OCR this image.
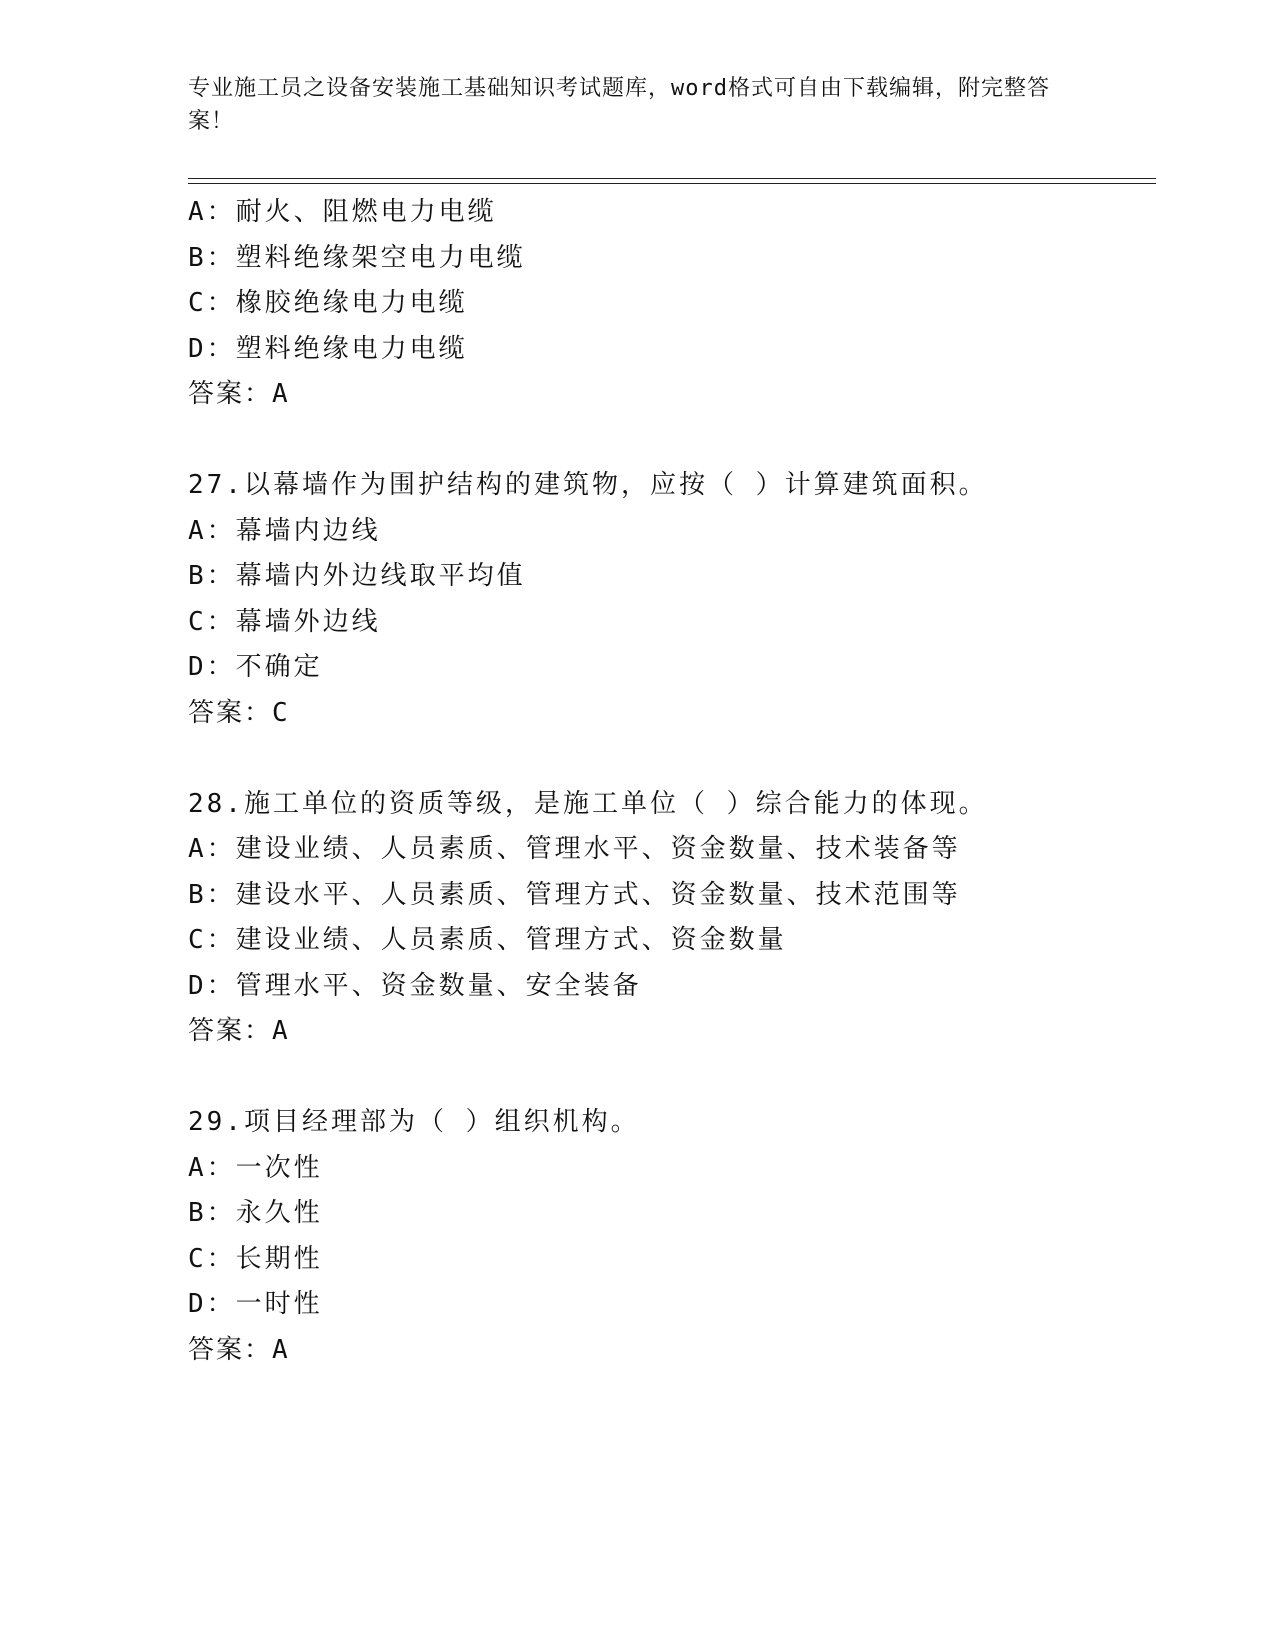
专业施工员之设备安装施工基础知识考试题库，word格式可自由下载编辑，附完整答案！
A：耐火、阻燃电力电缆
B：塑料绝缘架空电力电缆
C：橡胶绝缘电力电缆
D：塑料绝缘电力电缆
答案：A
27.以幕墙作为围护结构的建筑物，应按（ ）计算建筑面积。
A：幕墙内边线
B：幕墙内外边线取平均值
C：幕墙外边线
D：不确定
答案：C
28.施工单位的资质等级，是施工单位（ ）综合能力的体现。
A：建设业绩、人员素质、管理水平、资金数量、技术装备等
B：建设水平、人员素质、管理方式、资金数量、技术范围等
C：建设业绩、人员素质、管理方式、资金数量
D：管理水平、资金数量、安全装备
答案：A
29.项目经理部为（ ）组织机构。
A：一次性
B：永久性
C：长期性
D：一时性
答案：A
